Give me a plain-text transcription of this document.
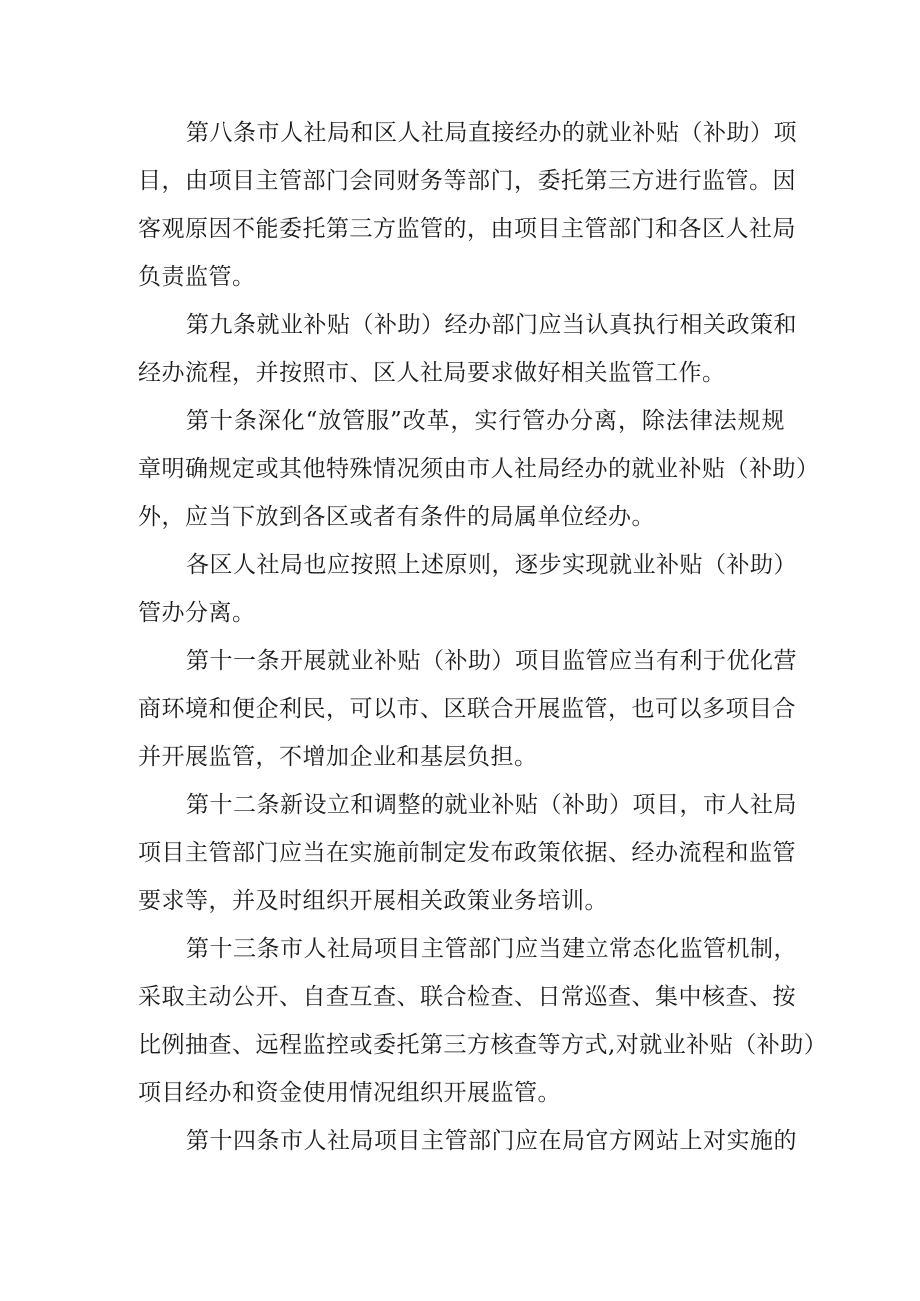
第八条市人社局和区人社局直接经办的就业补贴（补助）项
目，由项目主管部门会同财务等部门，委托第三方进行监管。因
客观原因不能委托第三方监管的，由项目主管部门和各区人社局
负责监管。
第九条就业补贴（补助）经办部门应当认真执行相关政策和
经办流程，并按照市、区人社局要求做好相关监管工作。
第十条深化“放管服”改革，实行管办分离，除法律法规规
章明确规定或其他特殊情况须由市人社局经办的就业补贴（补助）
外，应当下放到各区或者有条件的局属单位经办。
各区人社局也应按照上述原则，逐步实现就业补贴（补助）
管办分离。
第十一条开展就业补贴（补助）项目监管应当有利于优化营
商环境和便企利民，可以市、区联合开展监管，也可以多项目合
并开展监管，不增加企业和基层负担。
第十二条新设立和调整的就业补贴（补助）项目，市人社局
项目主管部门应当在实施前制定发布政策依据、经办流程和监管
要求等，并及时组织开展相关政策业务培训。
第十三条市人社局项目主管部门应当建立常态化监管机制，
采取主动公开、自查互查、联合检查、日常巡查、集中核查、按
比例抽查、远程监控或委托第三方核查等方式,对就业补贴（补助）
项目经办和资金使用情况组织开展监管。
第十四条市人社局项目主管部门应在局官方网站上对实施的
